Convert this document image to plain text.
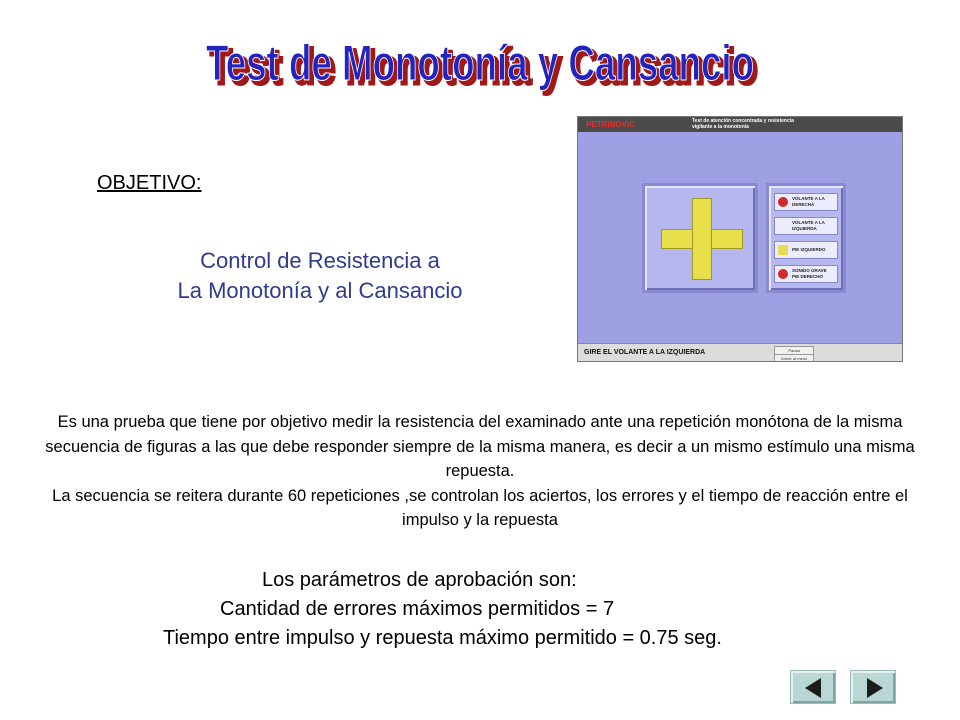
Test de Monotonía y Cansancio
Test de Monotonía y Cansancio
OBJETIVO:
Control de Resistencia a
La Monotonía y al Cansancio
PETRINOVIC	Test de atención concentrada y resistencia
vigilante a la monotonía
VOLANTE A LA
DERECHA
VOLANTE A LA
IZQUIERDA
PIE IZQUIERDO
SONIDO GRAVE
PIE DERECHO
GIRE EL VOLANTE A LA IZQUIERDA	Pausa
Volver al menú

Es una prueba que tiene por objetivo medir la resistencia del examinado ante una repetición monótona de la misma secuencia de figuras a las que debe responder siempre de la misma manera, es decir a un mismo estímulo una misma repuesta.

La secuencia se reitera durante 60 repeticiones ,se controlan los aciertos, los errores y el tiempo de reacción entre el impulso y la repuesta

Los parámetros de aprobación son:
Cantidad de errores máximos permitidos = 7
Tiempo entre impulso y repuesta máximo permitido = 0.75 seg.
